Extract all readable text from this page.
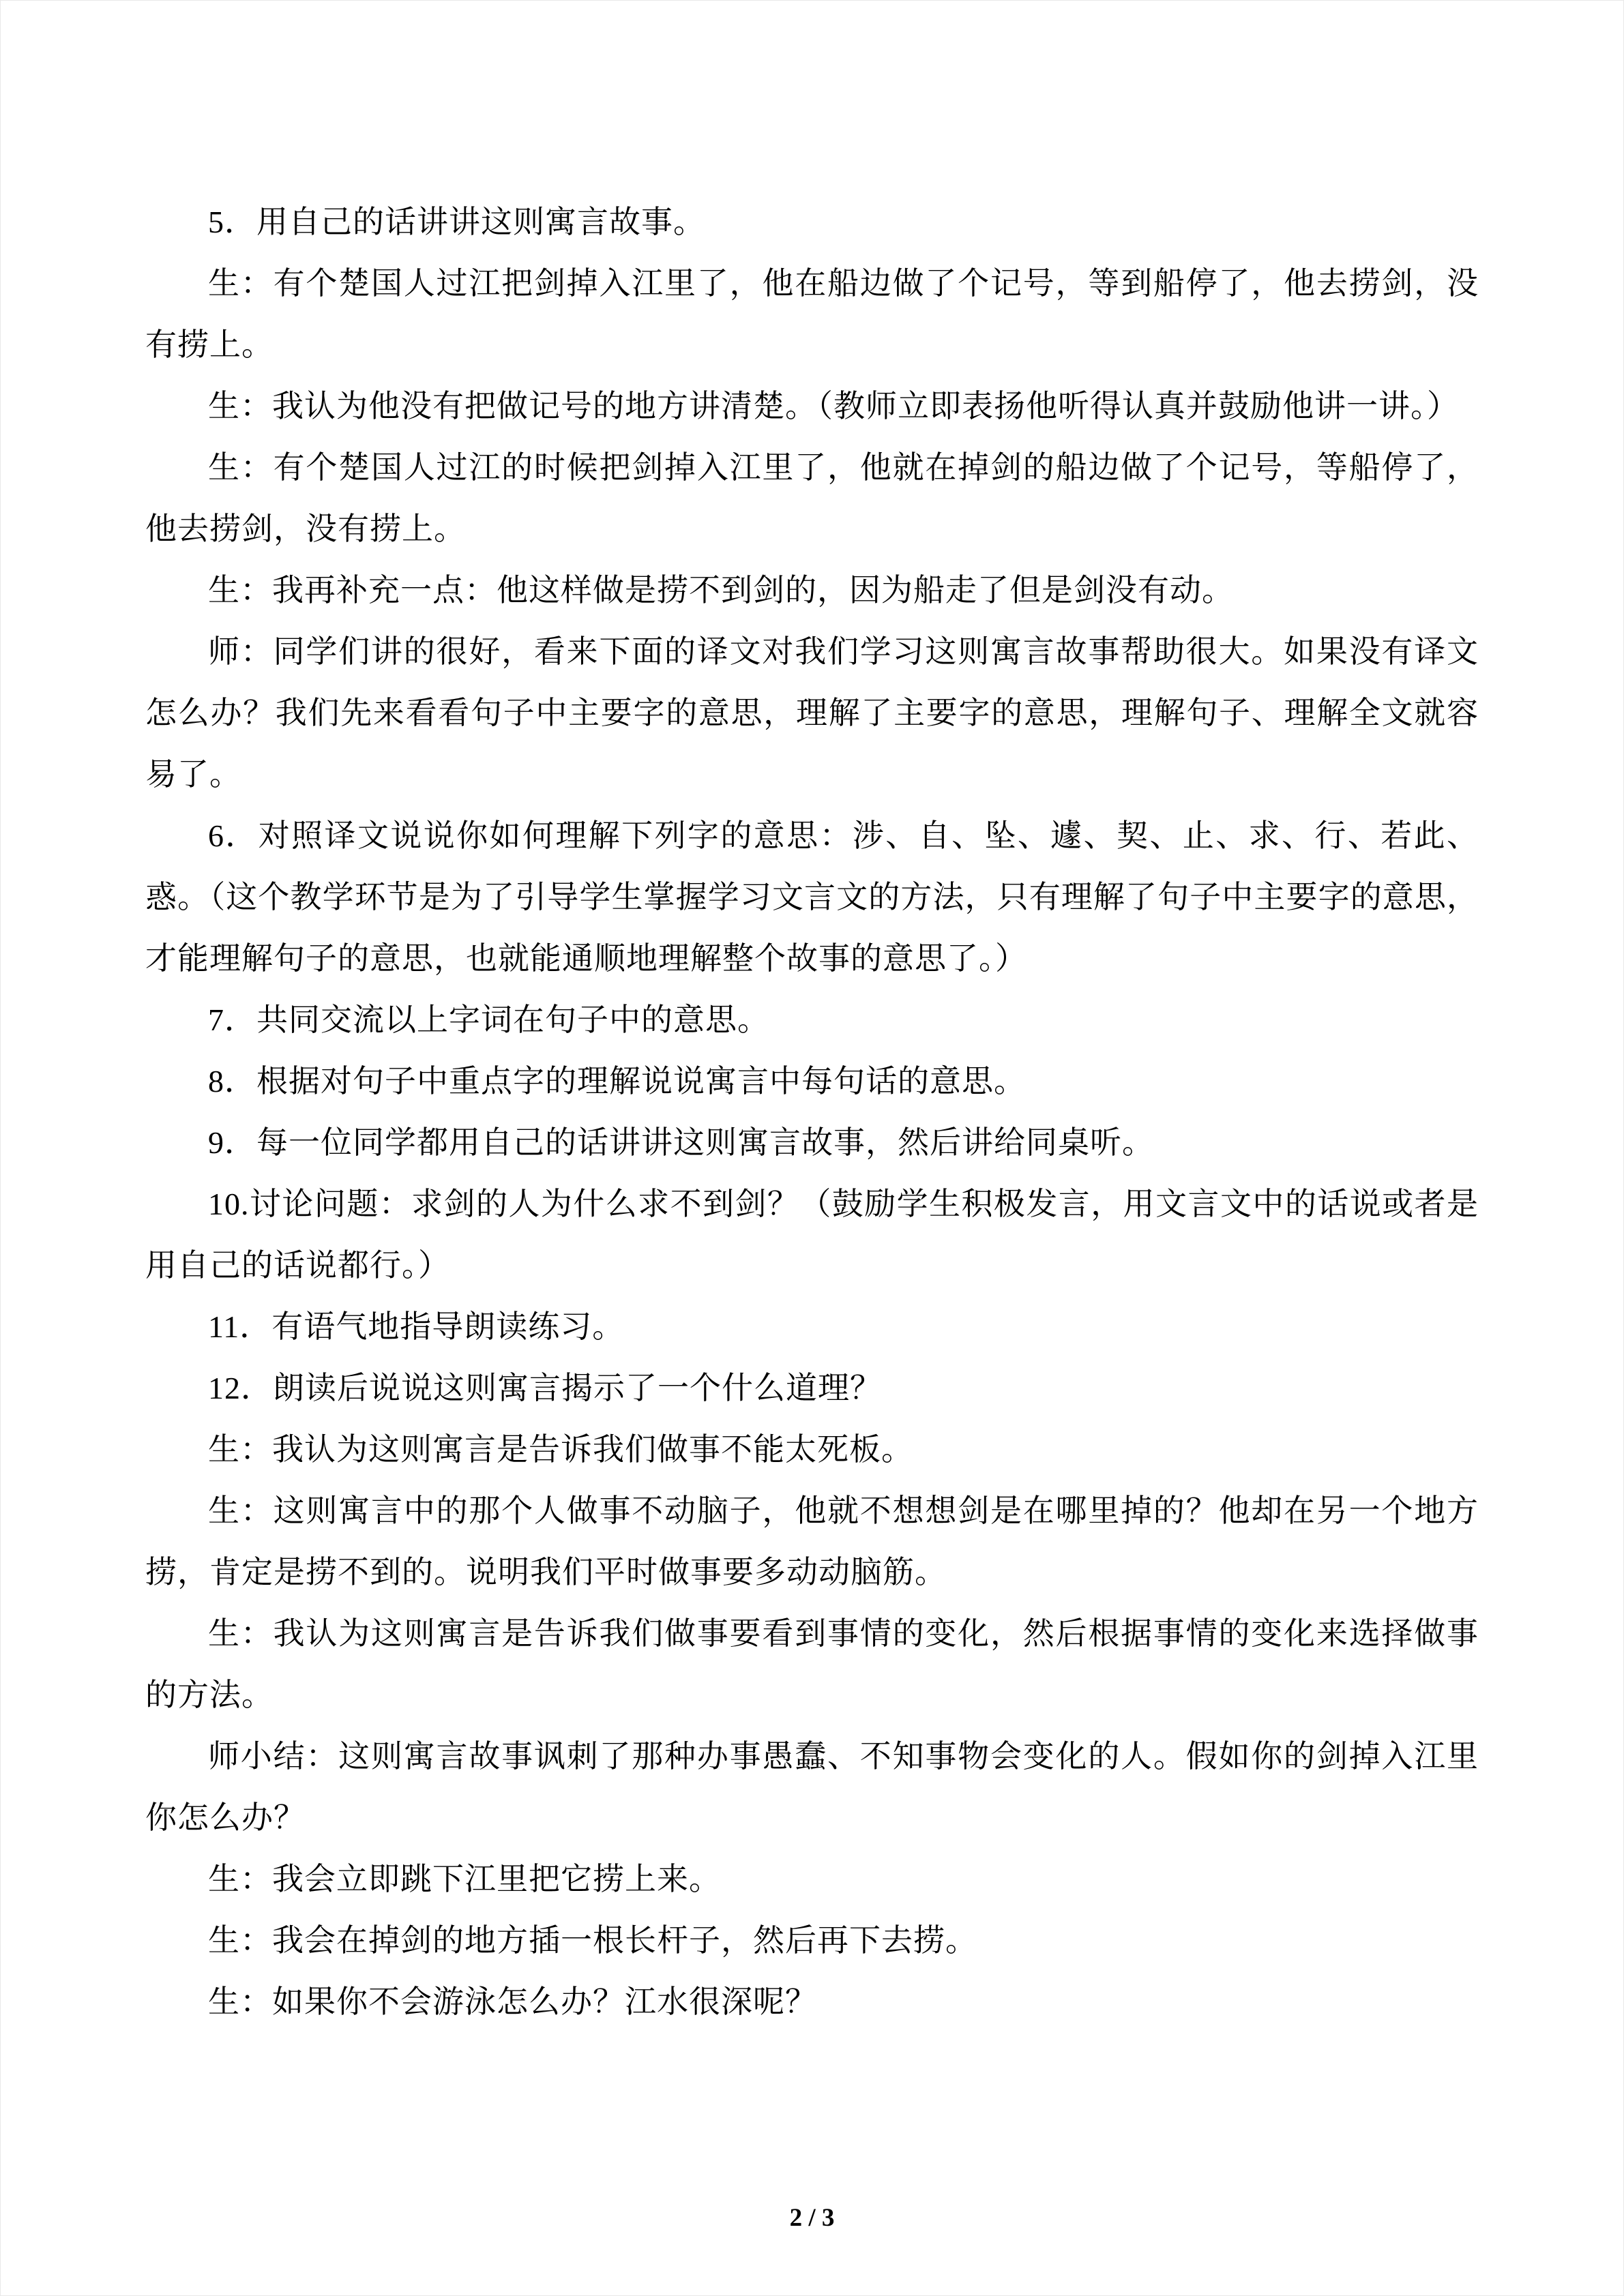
5．用自己的话讲讲这则寓言故事。

生：有个楚国人过江把剑掉入江里了，他在船边做了个记号，等到船停了，他去捞剑，没有捞上。

生：我认为他没有把做记号的地方讲清楚。（教师立即表扬他听得认真并鼓励他讲一讲。）

生：有个楚国人过江的时候把剑掉入江里了，他就在掉剑的船边做了个记号，等船停了，他去捞剑，没有捞上。

生：我再补充一点：他这样做是捞不到剑的，因为船走了但是剑没有动。

师：同学们讲的很好，看来下面的译文对我们学习这则寓言故事帮助很大。如果没有译文怎么办？我们先来看看句子中主要字的意思，理解了主要字的意思，理解句子、理解全文就容易了。

6．对照译文说说你如何理解下列字的意思：涉、自、坠、遽、契、止、求、行、若此、惑。（这个教学环节是为了引导学生掌握学习文言文的方法，只有理解了句子中主要字的意思，才能理解句子的意思，也就能通顺地理解整个故事的意思了。）

7．共同交流以上字词在句子中的意思。

8．根据对句子中重点字的理解说说寓言中每句话的意思。

9．每一位同学都用自己的话讲讲这则寓言故事，然后讲给同桌听。

10.讨论问题：求剑的人为什么求不到剑？（鼓励学生积极发言，用文言文中的话说或者是用自己的话说都行。）

11．有语气地指导朗读练习。

12．朗读后说说这则寓言揭示了一个什么道理？

生：我认为这则寓言是告诉我们做事不能太死板。

生：这则寓言中的那个人做事不动脑子，他就不想想剑是在哪里掉的？他却在另一个地方捞，肯定是捞不到的。说明我们平时做事要多动动脑筋。

生：我认为这则寓言是告诉我们做事要看到事情的变化，然后根据事情的变化来选择做事的方法。

师小结：这则寓言故事讽刺了那种办事愚蠢、不知事物会变化的人。假如你的剑掉入江里你怎么办？

生：我会立即跳下江里把它捞上来。

生：我会在掉剑的地方插一根长杆子，然后再下去捞。

生：如果你不会游泳怎么办？江水很深呢？

2 / 3
